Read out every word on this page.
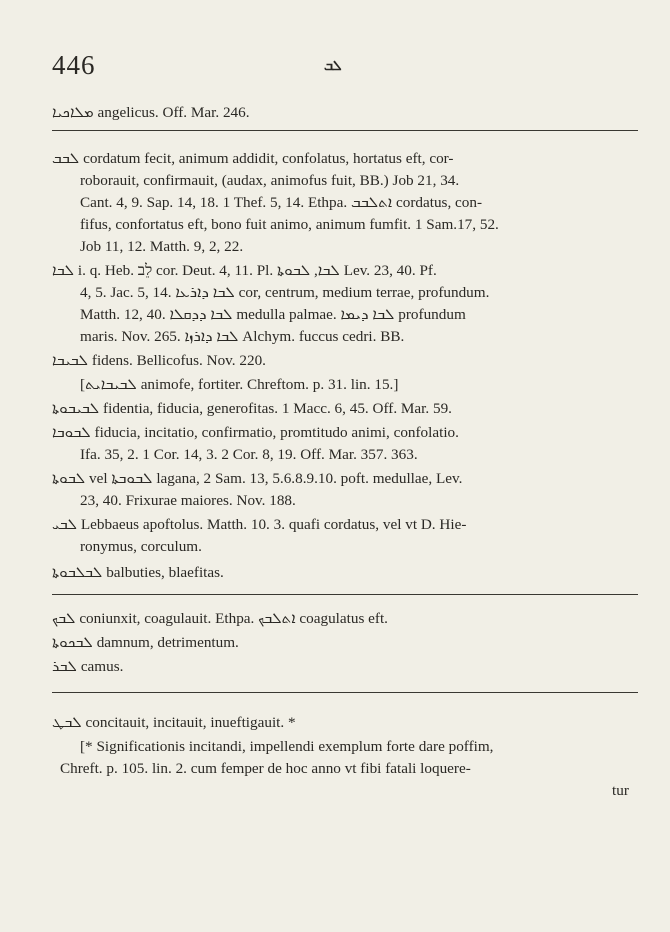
446	ܠܒ
ܡܠܐܟܝܐ angelicus. Off. Mar. 246.
ܠܒܒ cordatum fecit, animum addidit, confolatus, hortatus eft, cor-
roborauit, confirmauit, (audax, animofus fuit, BB.) Job 21, 34.
Cant. 4, 9. Sap. 14, 18. 1 Thef. 5, 14. Ethpa. ܐܬܠܒܒ cordatus, con-
fifus, confortatus eft, bono fuit animo, animum fumfit. 1 Sam.17, 52.
Job 11, 12. Matth. 9, 2, 22.
ܠܒܐ i. q. Heb. לֵב cor. Deut. 4, 11. Pl. ܠܒܐ, ܠܒܘܬܐ Lev. 23, 40. Pf.
4, 5. Jac. 5, 14. ܠܒܐ ܕܐܪܥܐ cor, centrum, medium terrae, profundum.
Matth. 12, 40. ܠܒܐ ܕܕܩܠܐ medulla palmae. ܠܒܐ ܕܝܡܐ profundum
maris. Nov. 265. ܠܒܐ ܕܐܪܙܐ Alchym. fuccus cedri. BB.
ܠܒܝܒܐ fidens. Bellicofus. Nov. 220.
[ܠܒܝܒܐܝܬ animofe, fortiter. Chreftom. p. 31. lin. 15.]
ܠܒܝܒܘܬܐ fidentia, fiducia, generofitas. 1 Macc. 6, 45. Off. Mar. 59.
ܠܒܘܒܐ fiducia, incitatio, confirmatio, promtitudo animi, confolatio.
Ifa. 35, 2. 1 Cor. 14, 3. 2 Cor. 8, 19. Off. Mar. 357. 363.
ܠܒܘܬܐ vel ܠܒܘܒܬܐ lagana, 2 Sam. 13, 5.6.8.9.10. poft. medullae, Lev.
23, 40. Frixurae maiores. Nov. 188.
ܠܒܝ Lebbaeus apoftolus. Matth. 10. 3. quafi cordatus, vel vt D. Hie-
ronymus, corculum.
ܠܒܠܒܘܬܐ balbuties, blaefitas.
ܠܒܟ coniunxit, coagulauit. Ethpa. ܐܬܠܒܟ coagulatus eft.
ܠܒܟܘܬܐ damnum, detrimentum.
ܠܒܪ camus.
ܠܒܛ concitauit, incitauit, inueftigauit. *
[* Significationis incitandi, impellendi exemplum forte dare poffim,
Chreft. p. 105. lin. 2. cum femper de hoc anno vt fibi fatali loquere-
tur
